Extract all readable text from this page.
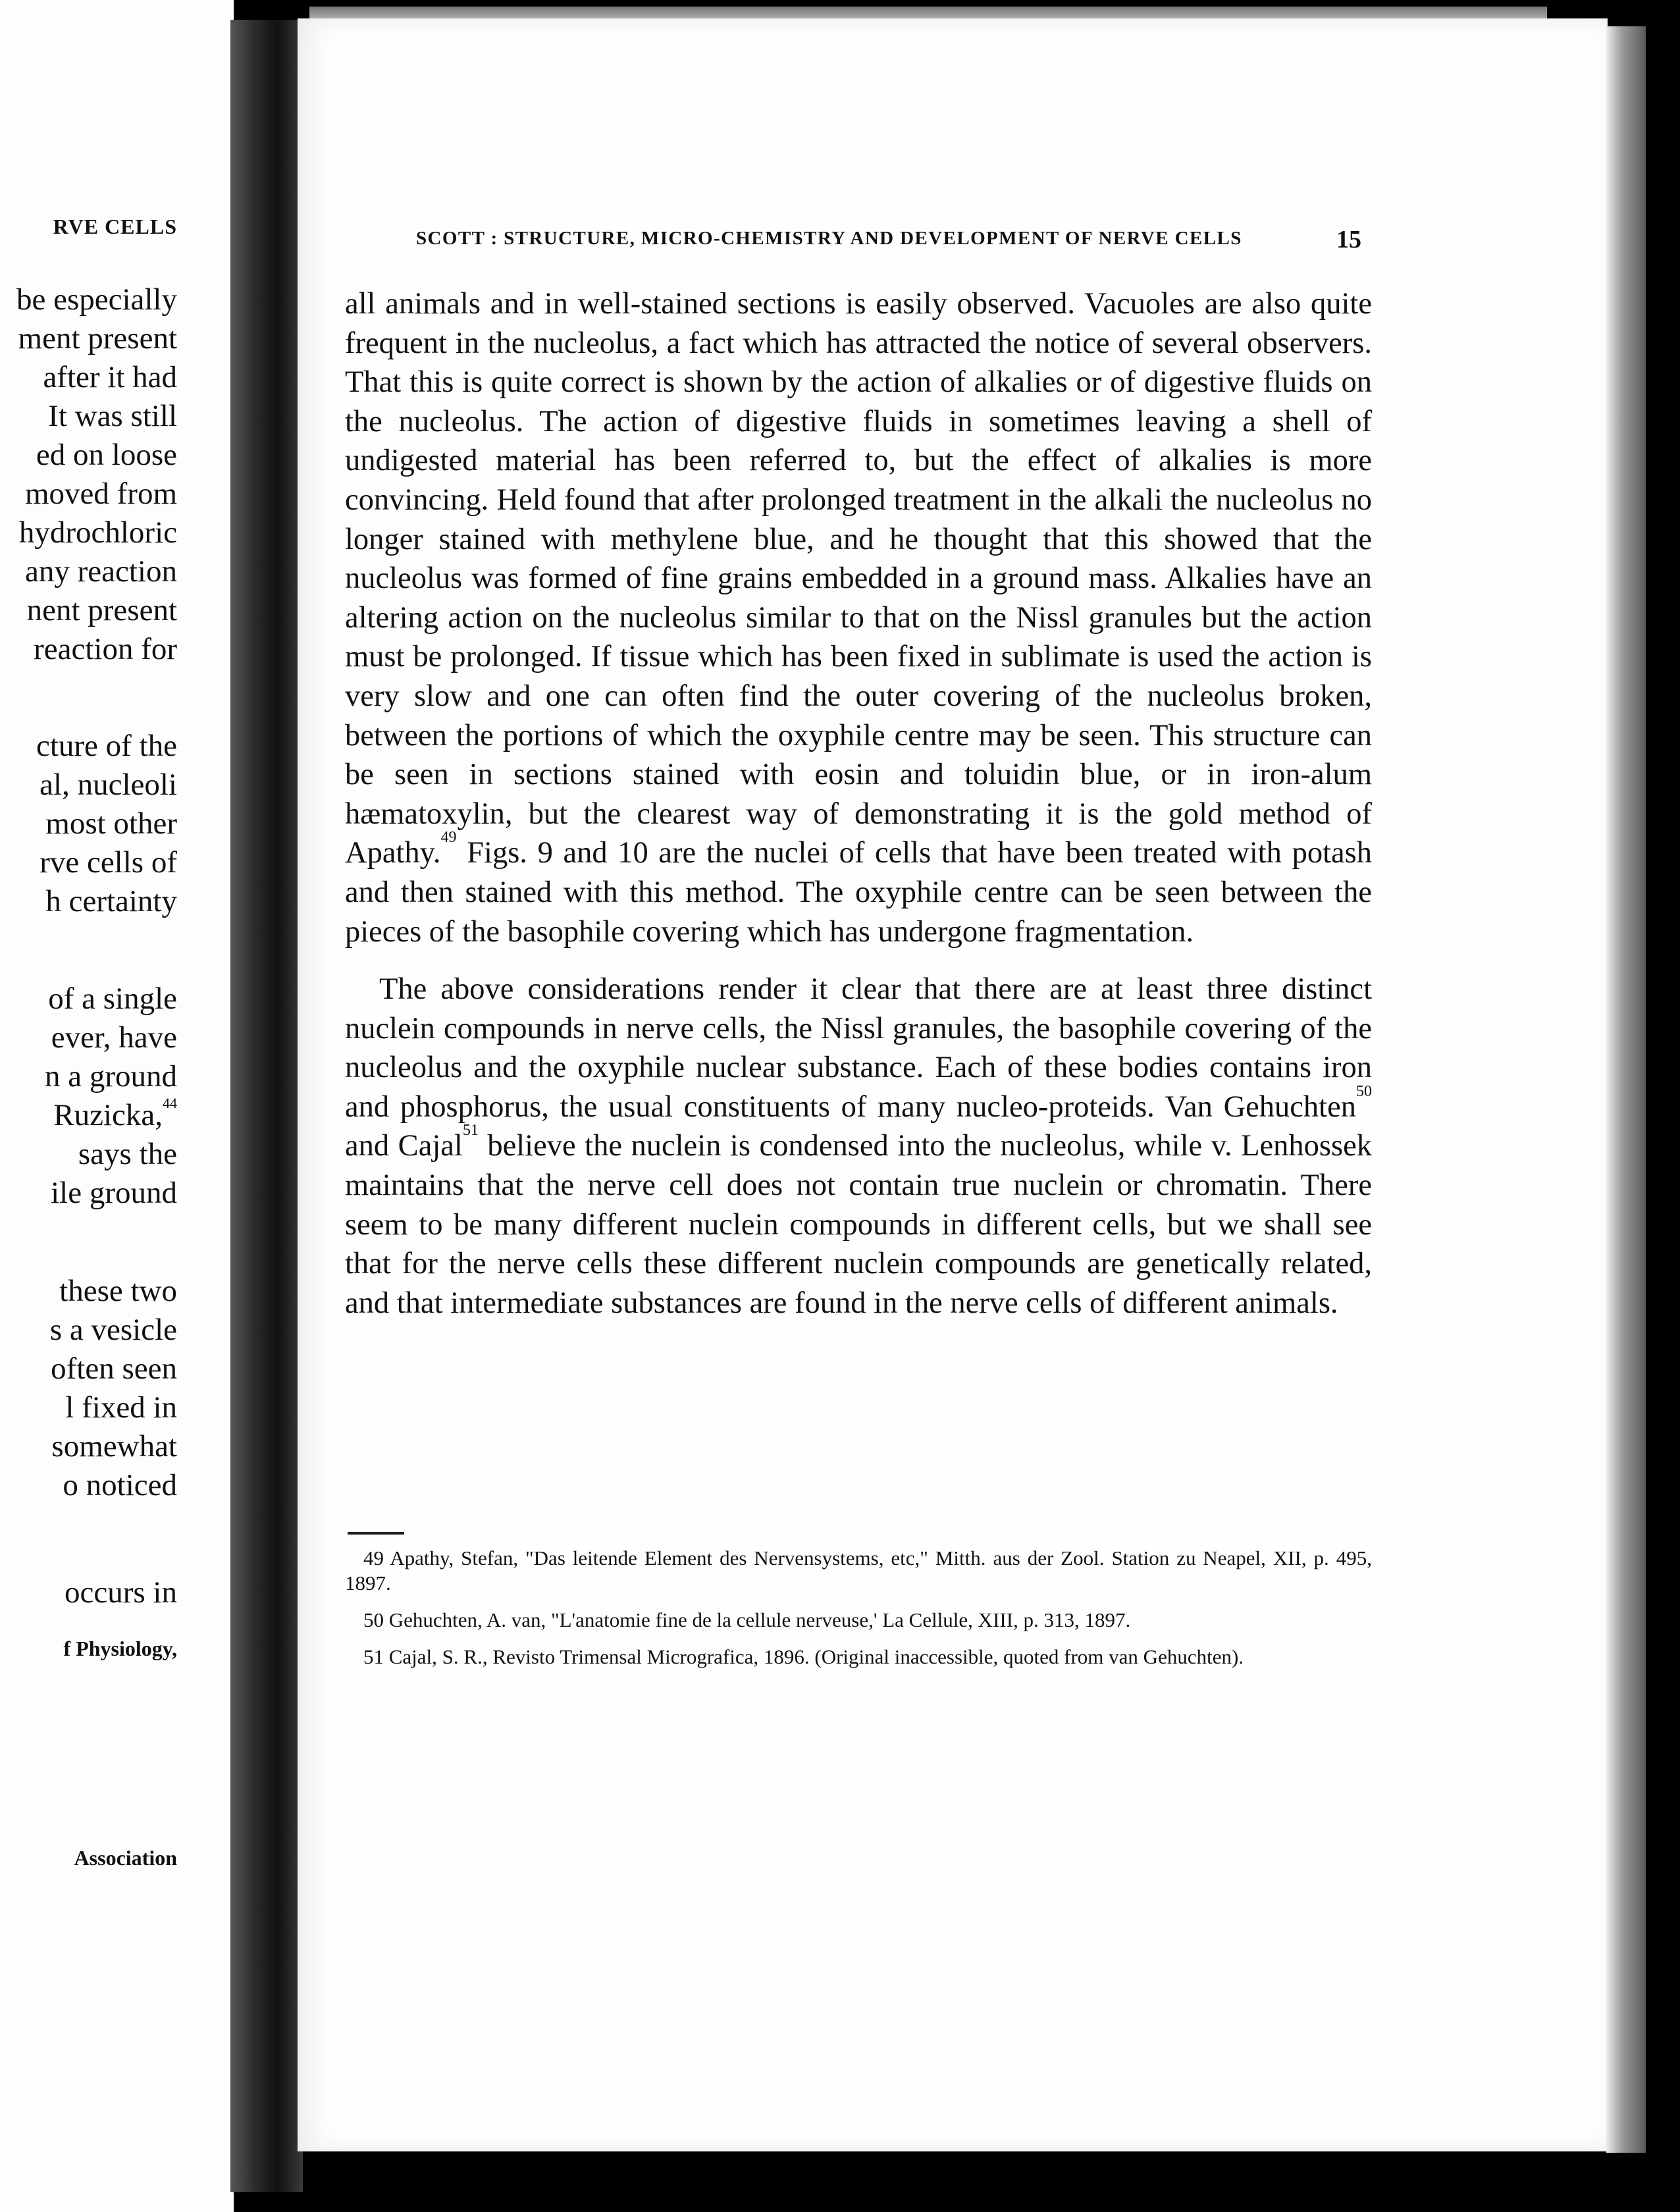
RVE CELLS
be especially
ment present
after it had
It was still
ed on loose
moved from
hydrochloric
any reaction
nent present
reaction for
cture of the
al, nucleoli
most other
rve cells of
h certainty
of a single
ever, have
n a ground
Ruzicka,$^{44}$
says the
ile ground
these two
s a vesicle
often seen
l fixed in
somewhat
o noticed
occurs in
f Physiology,
Association
SCOTT : STRUCTURE, MICRO-CHEMISTRY AND DEVELOPMENT OF NERVE CELLS	15

all animals and in well-stained sections is easily observed. Vacuoles are also quite frequent in the nucleolus, a fact which has attracted the notice of several observers. That this is quite correct is shown by the action of alkalies or of digestive fluids on the nucleolus. The action of digestive fluids in sometimes leaving a shell of undigested material has been referred to, but the effect of alkalies is more convincing. Held found that after prolonged treatment in the alkali the nucleolus no longer stained with methylene blue, and he thought that this showed that the nucleolus was formed of fine grains embedded in a ground mass. Alkalies have an altering action on the nucleolus similar to that on the Nissl granules but the action must be prolonged. If tissue which has been fixed in sublimate is used the action is very slow and one can often find the outer covering of the nucleolus broken, between the portions of which the oxyphile centre may be seen. This structure can be seen in sections stained with eosin and toluidin blue, or in iron-alum hæmatoxylin, but the clearest way of demonstrating it is the gold method of Apathy.$^{49}$ Figs. 9 and 10 are the nuclei of cells that have been treated with potash and then stained with this method. The oxyphile centre can be seen between the pieces of the basophile covering which has undergone fragmentation.

The above considerations render it clear that there are at least three distinct nuclein compounds in nerve cells, the Nissl granules, the basophile covering of the nucleolus and the oxyphile nuclear substance. Each of these bodies contains iron and phosphorus, the usual constituents of many nucleo-proteids. Van Gehuchten$^{50}$ and Cajal$^{51}$ believe the nuclein is condensed into the nucleolus, while v. Lenhossek maintains that the nerve cell does not contain true nuclein or chromatin. There seem to be many different nuclein compounds in different cells, but we shall see that for the nerve cells these different nuclein compounds are genetically related, and that intermediate substances are found in the nerve cells of different animals.

49 Apathy, Stefan, "Das leitende Element des Nervensystems, etc," Mitth. aus der Zool. Station zu Neapel, XII, p. 495, 1897.

50 Gehuchten, A. van, "L'anatomie fine de la cellule nerveuse,' La Cellule, XIII, p. 313, 1897.

51 Cajal, S. R., Revisto Trimensal Micrografica, 1896. (Original inaccessible, quoted from van Gehuchten).
